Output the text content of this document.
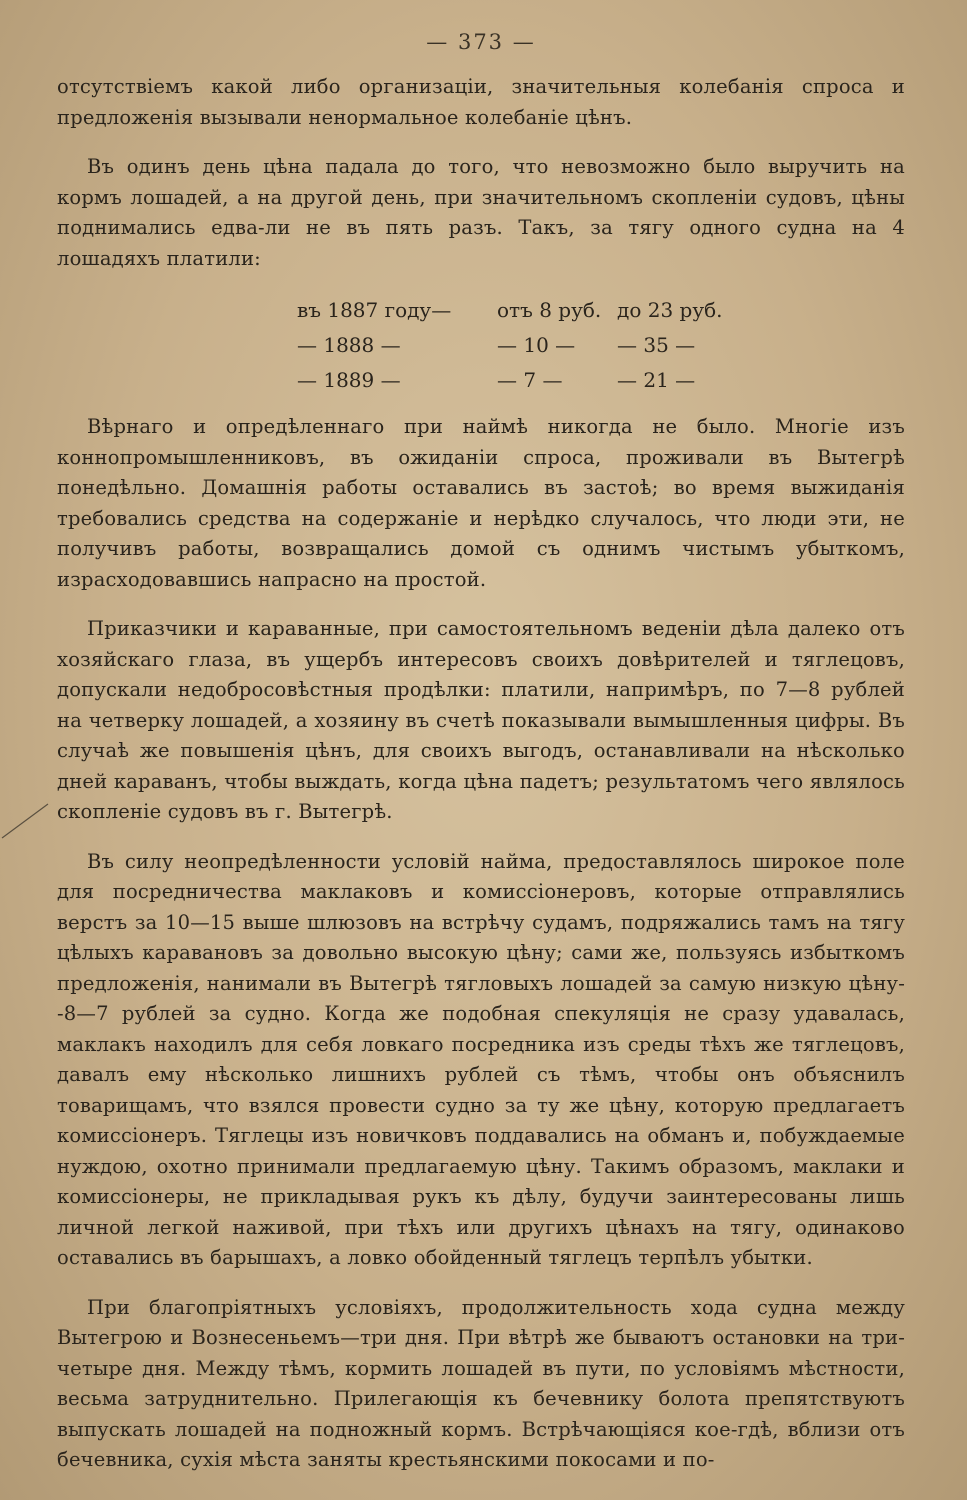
— 373 —

отсутствіемъ какой либо организаціи, значительныя колебанія спроса и предложенія вызывали ненормальное колебаніе цѣнъ.

Въ одинъ день цѣна падала до того, что невозможно было выручить на кормъ лошадей, а на другой день, при значительномъ скопленіи судовъ, цѣны поднимались едва-ли не въ пять разъ. Такъ, за тягу одного судна на 4 лошадяхъ платили:

въ 1887 году—	отъ 8 руб. до 23 руб.
— 1888 —	— 10 —	— 35 —
— 1889 —	— 7 —	— 21 —

Вѣрнаго и опредѣленнаго при наймѣ никогда не было. Многіе изъ коннопромышленниковъ, въ ожиданіи спроса, проживали въ Вытегрѣ понедѣльно. Домашнія работы оставались въ застоѣ; во время выжиданія требовались средства на содержаніе и нерѣдко случалось, что люди эти, не получивъ работы, возвращались домой съ однимъ чистымъ убыткомъ, израсходовавшись напрасно на простой.

Приказчики и караванные, при самостоятельномъ веденіи дѣла далеко отъ хозяйскаго глаза, въ ущербъ интересовъ своихъ довѣрителей и тяглецовъ, допускали недобросовѣстныя продѣлки: платили, напримѣръ, по 7—8 рублей на четверку лошадей, а хозяину въ счетѣ показывали вымышленныя цифры. Въ случаѣ же повышенія цѣнъ, для своихъ выгодъ, останавливали на нѣсколько дней караванъ, чтобы выждать, когда цѣна падетъ; результатомъ чего являлось скопленіе судовъ въ г. Вытегрѣ.

Въ силу неопредѣленности условій найма, предоставлялось широкое поле для посредничества маклаковъ и комиссіонеровъ, которые отправлялись верстъ за 10—15 выше шлюзовъ на встрѣчу судамъ, подряжались тамъ на тягу цѣлыхъ каравановъ за довольно высокую цѣну; сами же, пользуясь избыткомъ предложенія, нанимали въ Вытегрѣ тягловыхъ лошадей за самую низкую цѣну--8—7 рублей за судно. Когда же подобная спекуляція не сразу удавалась, маклакъ находилъ для себя ловкаго посредника изъ среды тѣхъ же тяглецовъ, давалъ ему нѣсколько лишнихъ рублей съ тѣмъ, чтобы онъ объяснилъ товарищамъ, что взялся провести судно за ту же цѣну, которую предлагаетъ комиссіонеръ. Тяглецы изъ новичковъ поддавались на обманъ и, побуждаемые нуждою, охотно принимали предлагаемую цѣну. Такимъ образомъ, маклаки и комиссіонеры, не прикладывая рукъ къ дѣлу, будучи заинтересованы лишь личной легкой наживой, при тѣхъ или другихъ цѣнахъ на тягу, одинаково оставались въ барышахъ, а ловко обойденный тяглецъ терпѣлъ убытки.

При благопріятныхъ условіяхъ, продолжительность хода судна между Вытегрою и Вознесеньемъ—три дня. При вѣтрѣ же бываютъ остановки на три-четыре дня. Между тѣмъ, кормить лошадей въ пути, по условіямъ мѣстности, весьма затруднительно. Прилегающія къ бечевнику болота препятствуютъ выпускать лошадей на подножный кормъ. Встрѣчающіяся кое-гдѣ, вблизи отъ бечевника, сухія мѣста заняты крестьянскими покосами и по-
